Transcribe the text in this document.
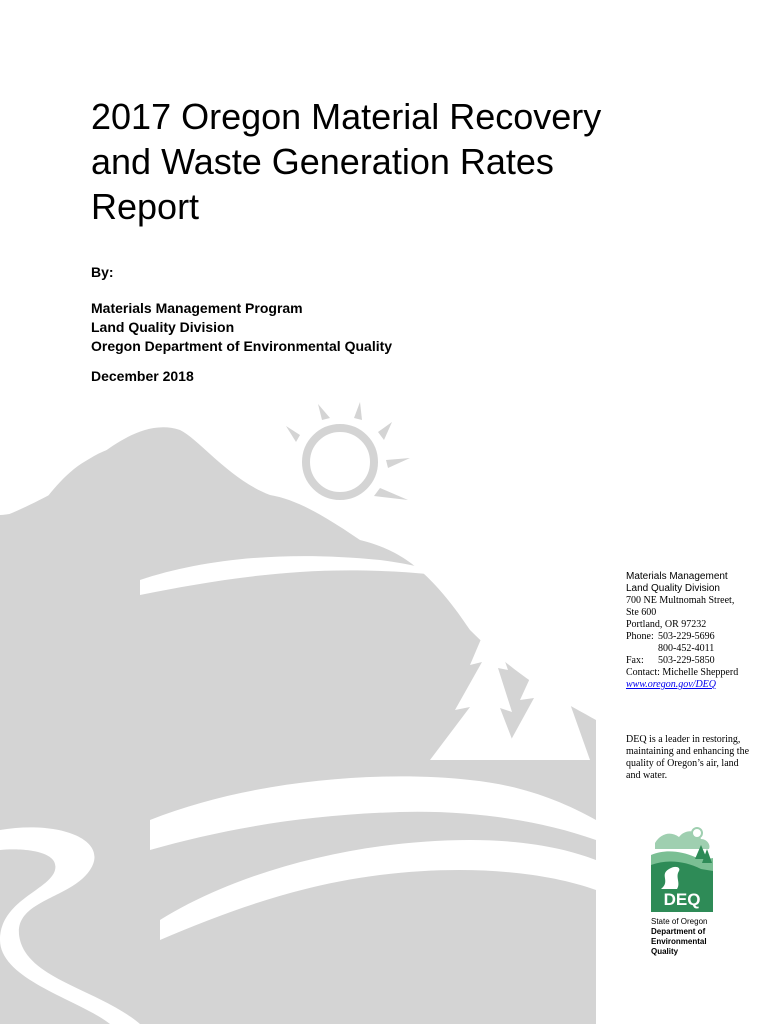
2017 Oregon Material Recovery
and Waste Generation Rates
Report
By:
Materials Management Program
Land Quality Division
Oregon Department of Environmental Quality
December 2018
Materials Management
Land Quality Division
700 NE Multnomah Street,
Ste 600
Portland, OR 97232
Phone: 503-229-5696
800-452-4011
Fax: 503-229-5850
Contact: Michelle Shepperd
www.oregon.gov/DEQ
DEQ is a leader in restoring, maintaining and enhancing the quality of Oregon’s air, land and water.
DEQ
State of Oregon
Department of
Environmental
Quality
